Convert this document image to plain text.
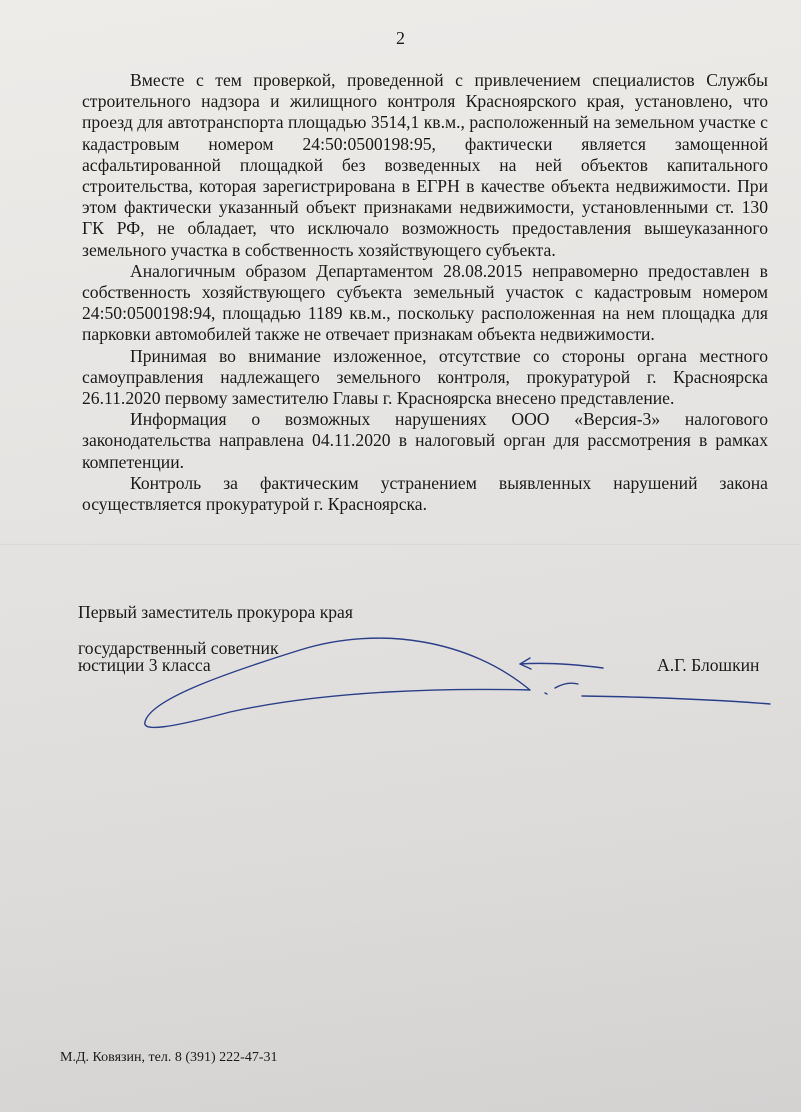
2

Вместе с тем проверкой, проведенной с привлечением специалистов Службы строительного надзора и жилищного контроля Красноярского края, установлено, что проезд для автотранспорта площадью 3514,1 кв.м., расположенный на земельном участке с кадастровым номером 24:50:0500198:95, фактически является замощенной асфальтированной площадкой без возведенных на ней объектов капитального строительства, которая зарегистрирована в ЕГРН в качестве объекта недвижимости. При этом фактически указанный объект признаками недвижимости, установленными ст. 130 ГК РФ, не обладает, что исключало возможность предоставления вышеуказанного земельного участка в собственность хозяйствующего субъекта.

Аналогичным образом Департаментом 28.08.2015 неправомерно предоставлен в собственность хозяйствующего субъекта земельный участок с кадастровым номером 24:50:0500198:94, площадью 1189 кв.м., поскольку расположенная на нем площадка для парковки автомобилей также не отвечает признакам объекта недвижимости.

Принимая во внимание изложенное, отсутствие со стороны органа местного самоуправления надлежащего земельного контроля, прокуратурой г. Красноярска 26.11.2020 первому заместителю Главы г. Красноярска внесено представление.

Информация о возможных нарушениях ООО «Версия-3» налогового законодательства направлена 04.11.2020 в налоговый орган для рассмотрения в рамках компетенции.

Контроль за фактическим устранением выявленных нарушений закона осуществляется прокуратурой г. Красноярска.

Первый заместитель прокурора края
государственный советник
юстиции 3 класса	А.Г. Блошкин
М.Д. Ковязин, тел. 8 (391) 222-47-31
